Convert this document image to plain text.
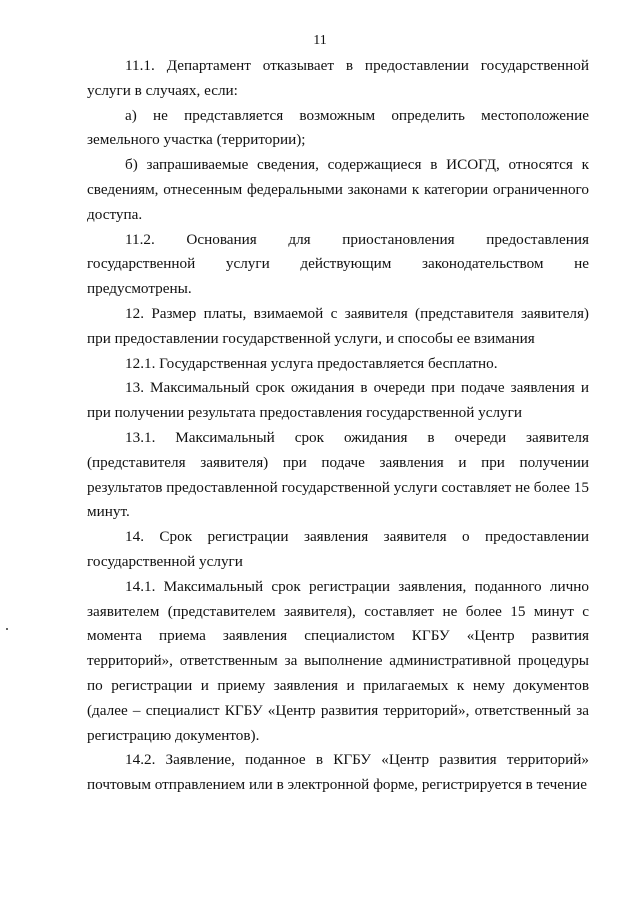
11

11.1. Департамент отказывает в предоставлении государственной услуги в случаях, если:

а) не представляется возможным определить местоположение земельного участка (территории);

б) запрашиваемые сведения, содержащиеся в ИСОГД, относятся к сведениям, отнесенным федеральными законами к категории ограниченного доступа.

11.2. Основания для приостановления предоставления государственной услуги действующим законодательством не предусмотрены.

12. Размер платы, взимаемой с заявителя (представителя заявителя) при предоставлении государственной услуги, и способы ее взимания

12.1. Государственная услуга предоставляется бесплатно.

13. Максимальный срок ожидания в очереди при подаче заявления и при получении результата предоставления государственной услуги

13.1. Максимальный срок ожидания в очереди заявителя (представителя заявителя) при подаче заявления и при получении результатов предоставленной государственной услуги составляет не более 15 минут.

14. Срок регистрации заявления заявителя о предоставлении государственной услуги

14.1. Максимальный срок регистрации заявления, поданного лично заявителем (представителем заявителя), составляет не более 15 минут с момента приема заявления специалистом КГБУ «Центр развития территорий», ответственным за выполнение административной процедуры по регистрации и приему заявления и прилагаемых к нему документов (далее – специалист КГБУ «Центр развития территорий», ответственный за регистрацию документов).

14.2. Заявление, поданное в КГБУ «Центр развития территорий» почтовым отправлением или в электронной форме, регистрируется в течение
